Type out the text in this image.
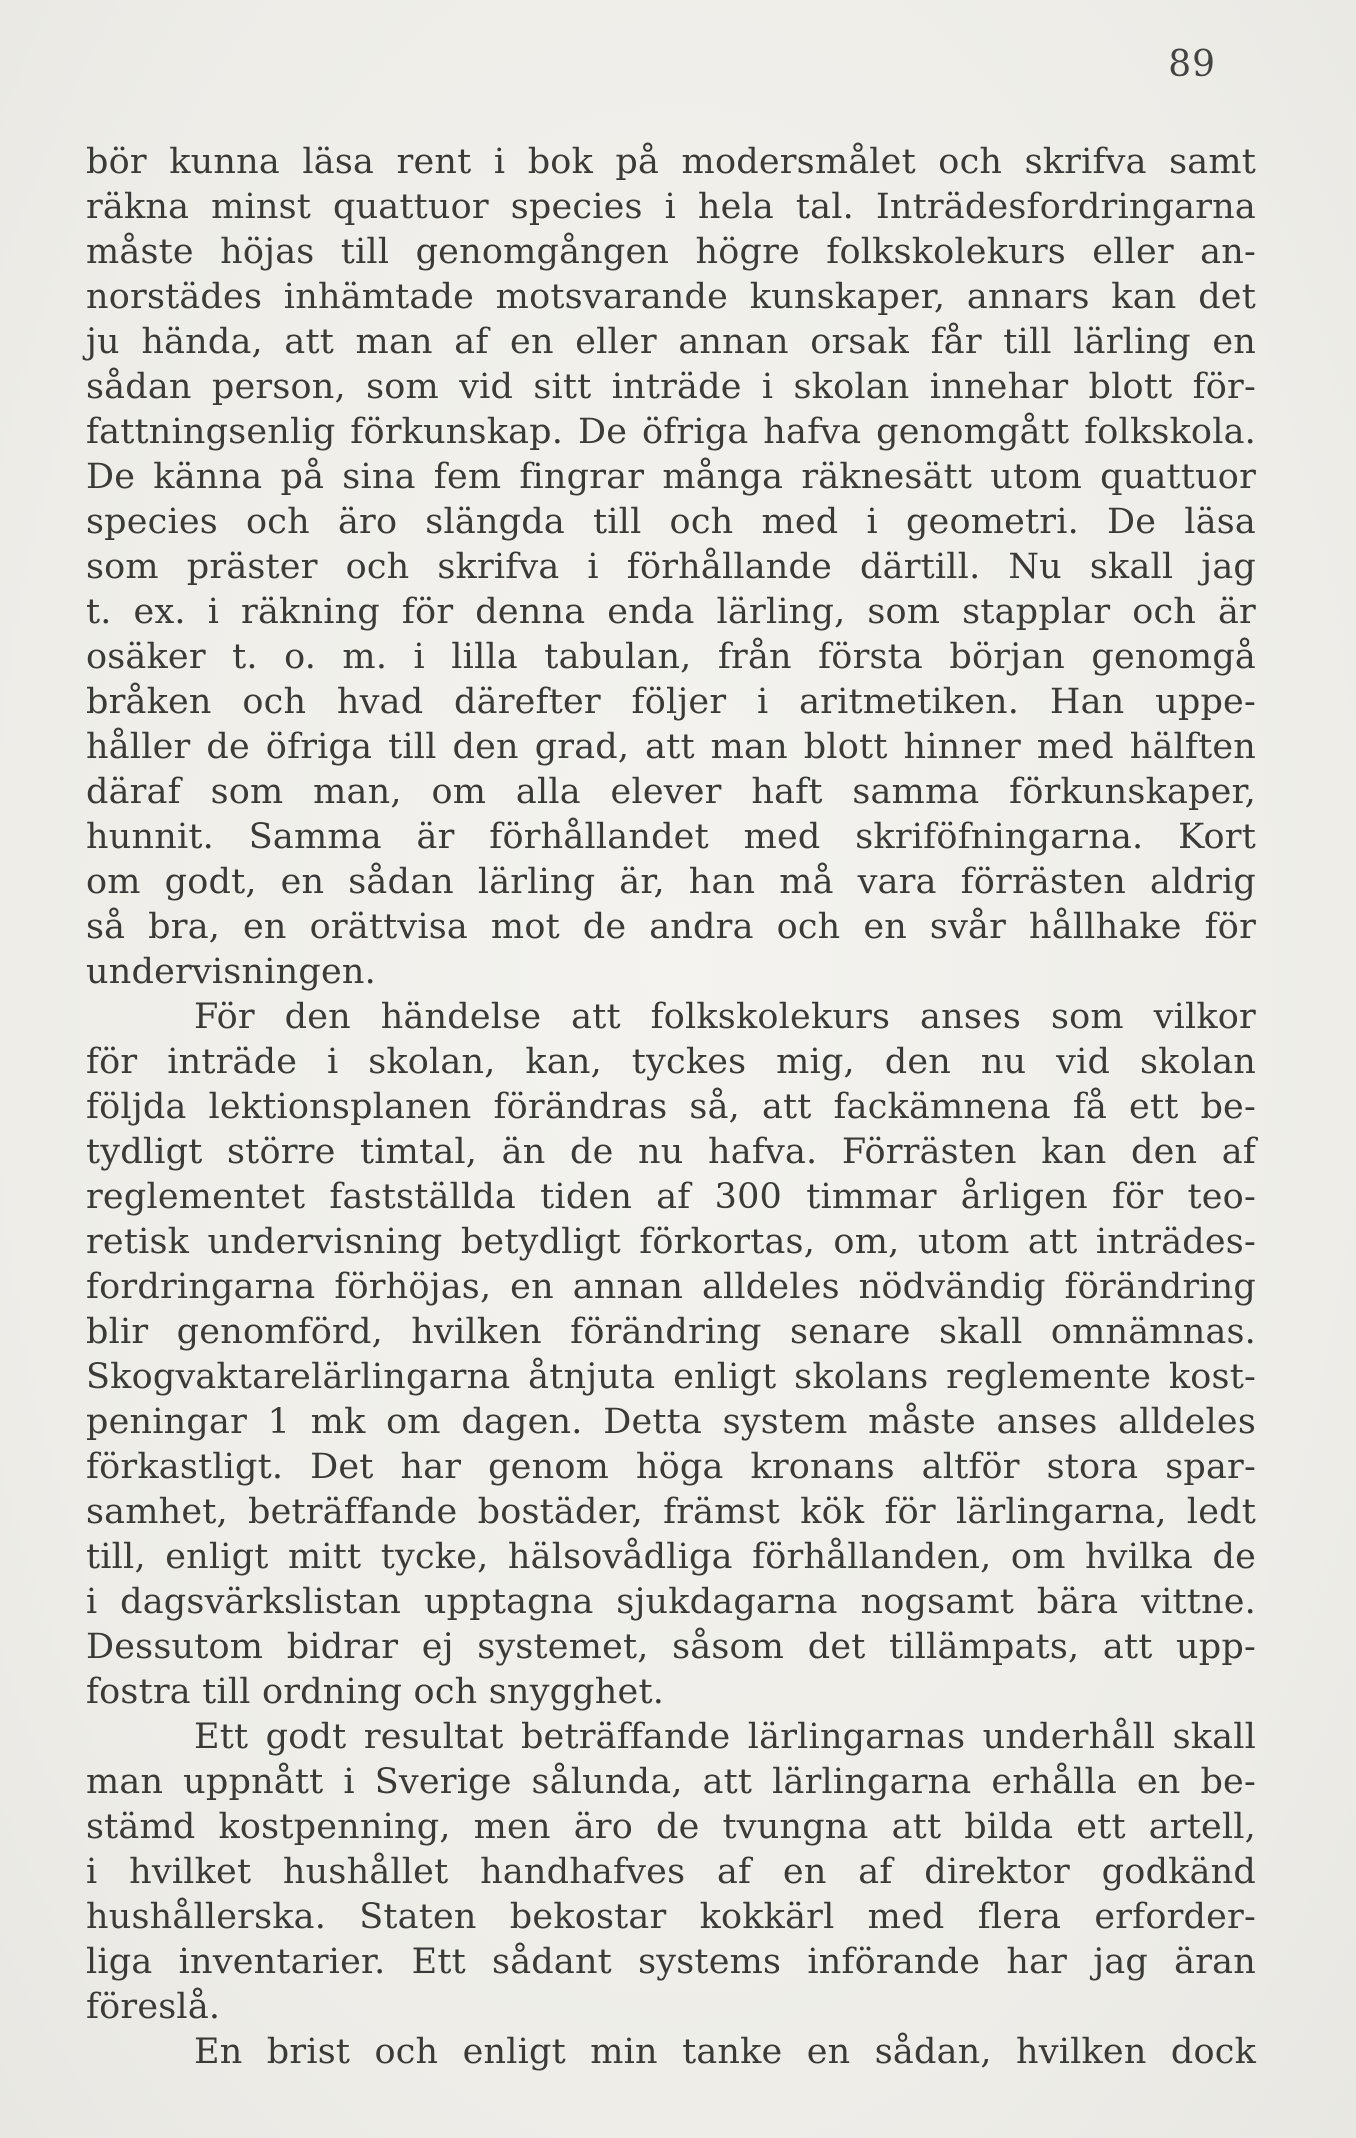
89
bör kunna läsa rent i bok på modersmålet och skrifva samt
räkna minst quattuor species i hela tal. Inträdesfordringarna
måste höjas till genomgången högre folkskolekurs eller an-
norstädes inhämtade motsvarande kunskaper, annars kan det
ju hända, att man af en eller annan orsak får till lärling en
sådan person, som vid sitt inträde i skolan innehar blott för-
fattningsenlig förkunskap. De öfriga hafva genomgått folkskola.
De känna på sina fem fingrar många räknesätt utom quattuor
species och äro slängda till och med i geometri. De läsa
som präster och skrifva i förhållande därtill. Nu skall jag
t. ex. i räkning för denna enda lärling, som stapplar och är
osäker t. o. m. i lilla tabulan, från första början genomgå
bråken och hvad därefter följer i aritmetiken. Han uppe-
håller de öfriga till den grad, att man blott hinner med hälften
däraf som man, om alla elever haft samma förkunskaper,
hunnit. Samma är förhållandet med skriföfningarna. Kort
om godt, en sådan lärling är, han må vara förrästen aldrig
så bra, en orättvisa mot de andra och en svår hållhake för
undervisningen.
För den händelse att folkskolekurs anses som vilkor
för inträde i skolan, kan, tyckes mig, den nu vid skolan
följda lektionsplanen förändras så, att fackämnena få ett be-
tydligt större timtal, än de nu hafva. Förrästen kan den af
reglementet fastställda tiden af 300 timmar årligen för teo-
retisk undervisning betydligt förkortas, om, utom att inträdes-
fordringarna förhöjas, en annan alldeles nödvändig förändring
blir genomförd, hvilken förändring senare skall omnämnas.
Skogvaktarelärlingarna åtnjuta enligt skolans reglemente kost-
peningar 1 mk om dagen. Detta system måste anses alldeles
förkastligt. Det har genom höga kronans altför stora spar-
samhet, beträffande bostäder, främst kök för lärlingarna, ledt
till, enligt mitt tycke, hälsovådliga förhållanden, om hvilka de
i dagsvärkslistan upptagna sjukdagarna nogsamt bära vittne.
Dessutom bidrar ej systemet, såsom det tillämpats, att upp-
fostra till ordning och snygghet.
Ett godt resultat beträffande lärlingarnas underhåll skall
man uppnått i Sverige sålunda, att lärlingarna erhålla en be-
stämd kostpenning, men äro de tvungna att bilda ett artell,
i hvilket hushållet handhafves af en af direktor godkänd
hushållerska. Staten bekostar kokkärl med flera erforder-
liga inventarier. Ett sådant systems införande har jag äran
föreslå.
En brist och enligt min tanke en sådan, hvilken dock
